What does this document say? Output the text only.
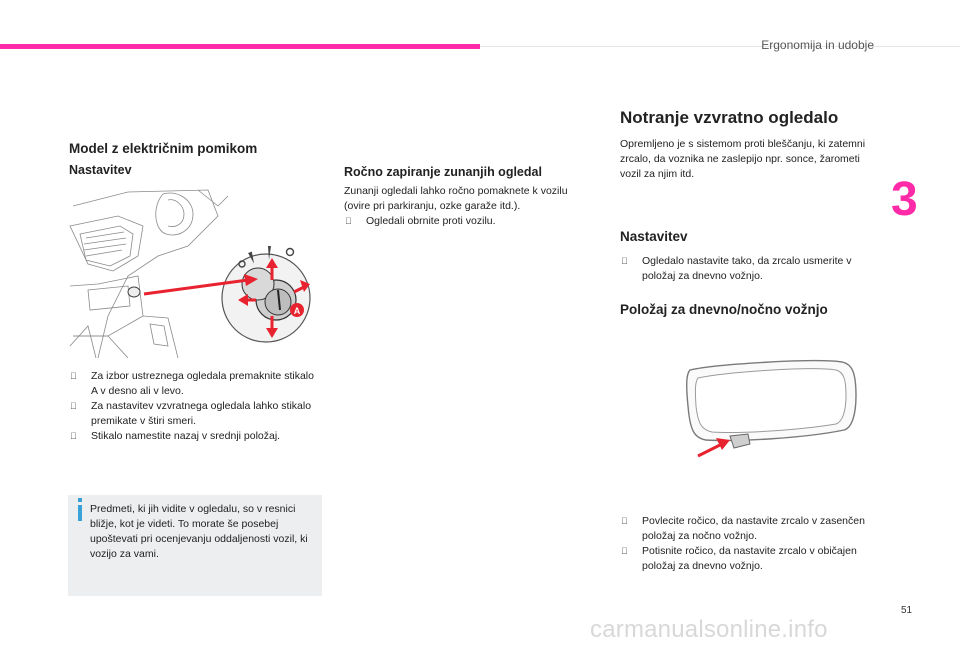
Ergonomija in udobje
3
Model z električnim pomikom
Nastavitev
A
Za izbor ustreznega ogledala premaknite stikalo A v desno ali v levo.
Za nastavitev vzvratnega ogledala lahko stikalo premikate v štiri smeri.
Stikalo namestite nazaj v srednji položaj.
Predmeti, ki jih vidite v ogledalu, so v resnici bližje, kot je videti. To morate še posebej upoštevati pri ocenjevanju oddaljenosti vozil, ki vozijo za vami.
Ročno zapiranje zunanjih ogledal
Zunanji ogledali lahko ročno pomaknete k vozilu (ovire pri parkiranju, ozke garaže itd.).
Ogledali obrnite proti vozilu.
Notranje vzvratno ogledalo
Opremljeno je s sistemom proti bleščanju, ki zatemni zrcalo, da voznika ne zaslepijo npr. sonce, žarometi vozil za njim itd.
Nastavitev
Ogledalo nastavite tako, da zrcalo usmerite v položaj za dnevno vožnjo.
Položaj za dnevno/nočno vožnjo
Povlecite ročico, da nastavite zrcalo v zasenčen položaj za nočno vožnjo.
Potisnite ročico, da nastavite zrcalo v običajen položaj za dnevno vožnjo.
51
carmanualsonline.info
